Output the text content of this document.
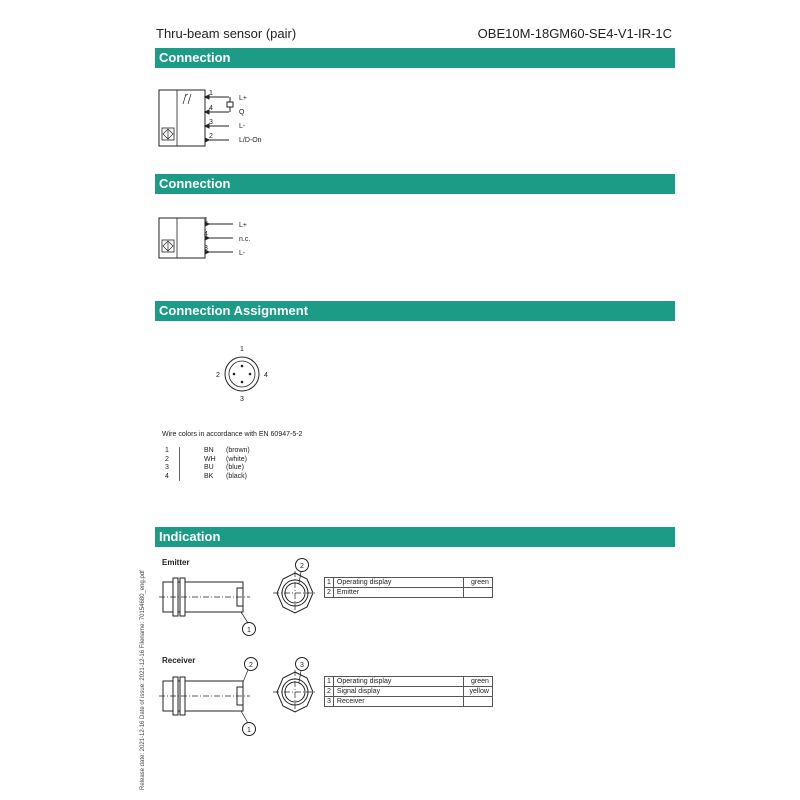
Thru-beam sensor (pair)	OBE10M-18GM60-SE4-V1-IR-1C
Connection
Connection
Connection Assignment
Indication
1
4
3
2
L+
Q
L-
L/D-On
1
4
3
L+
n.c.
L-
1
2
3
4
Wire colors in accordance with EN 60947-5-2
1		BN	(brown)
2		WH	(white)
3		BU	(blue)
4		BK	(black)
Emitter
1
2
1	Operating display	green
2	Emitter	
Receiver
2	3
1
1	Operating display	green
2	Signal display	yellow
3	Receiver	
Release date: 2021-12-16 Date of issue: 2021-12-16 Filename: 70154680_eng.pdf
